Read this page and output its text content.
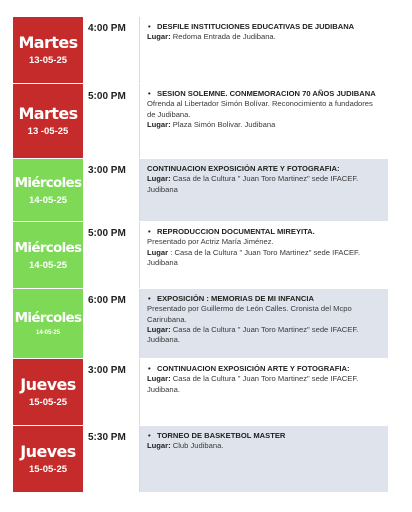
Martes
13-05-25
4:00 PM	• DESFILE INSTITUCIONES EDUCATIVAS DE JUDIBANA
Lugar: Redoma Entrada de Judibana.
Martes
13 -05-25
5:00 PM	• SESION SOLEMNE. CONMEMORACION 70 AÑOS JUDIBANA
Ofrenda al Libertador Simón Bolívar. Reconocimiento a fundadores de Judibana.
Lugar: Plaza Simón Bolivar. Judibana
Miércoles
14-05-25
3:00 PM	CONTINUACION EXPOSICIÓN ARTE Y FOTOGRAFIA:
Lugar: Casa de la Cultura " Juan Toro Martinez" sede IFACEF. Judibana
Miércoles
14-05-25
5:00 PM	• REPRODUCCION DOCUMENTAL MIREYITA.
Presentado por Actriz María Jiménez.
Lugar : Casa de la Cultura " Juan Toro Martinez" sede IFACEF. Judibana
Miércoles
14-05-25
6:00 PM	• EXPOSICIÓN : MEMORIAS DE MI INFANCIA
Presentado por Guillermo de León Calles. Cronista del Mcpo Carirubana.
Lugar: Casa de la Cultura " Juan Toro Martinez" sede IFACEF. Judibana.
Jueves
15-05-25
3:00 PM	• CONTINUACION EXPOSICIÓN ARTE Y FOTOGRAFIA:
Lugar: Casa de la Cultura " Juan Toro Martinez" sede IFACEF. Judibana.
Jueves
15-05-25
5:30 PM	• TORNEO DE BASKETBOL MASTER
Lugar: Club Judibana.
